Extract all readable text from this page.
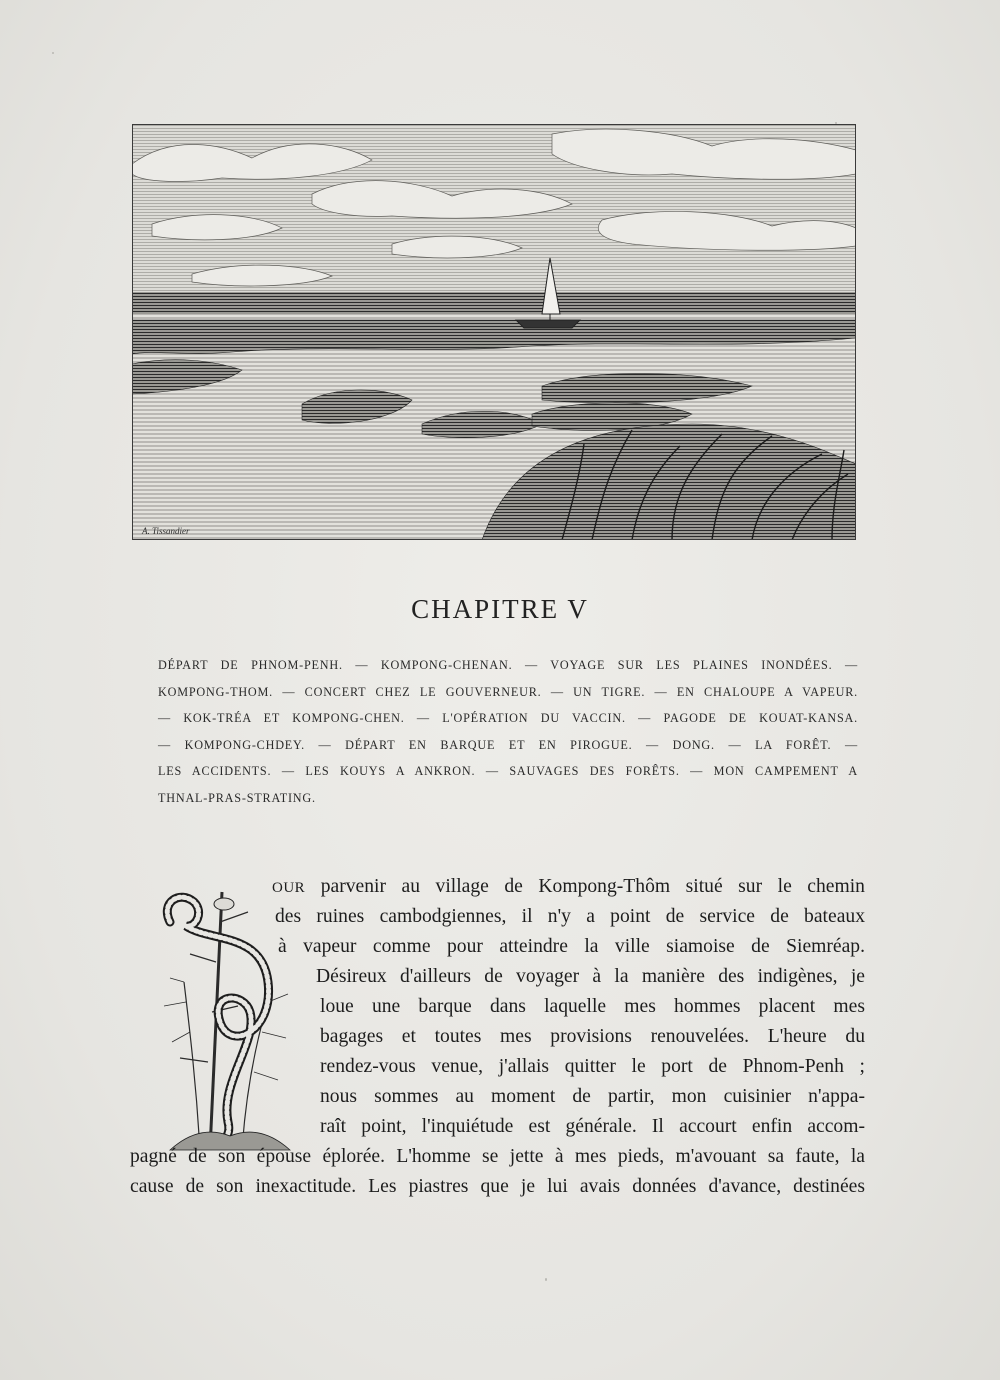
A. Tissandier
CHAPITRE V
DÉPART DE PHNOM-PENH. — KOMPONG-CHENAN. — VOYAGE SUR LES PLAINES INONDÉES. —
KOMPONG-THOM. — CONCERT CHEZ LE GOUVERNEUR. — UN TIGRE. — EN CHALOUPE A VAPEUR.
— KOK-TRÉA ET KOMPONG-CHEN. — L'OPÉRATION DU VACCIN. — PAGODE DE KOUAT-KANSA.
— KOMPONG-CHDEY. — DÉPART EN BARQUE ET EN PIROGUE. — DONG. — LA FORÊT. —
LES ACCIDENTS. — LES KOUYS A ANKRON. — SAUVAGES DES FORÊTS. — MON CAMPEMENT A
THNAL-PRAS-STRATING.
OUR parvenir au village de Kompong-Thôm situé sur le chemin
des ruines cambodgiennes, il n'y a point de service de bateaux
à vapeur comme pour atteindre la ville siamoise de Siemréap.
Désireux d'ailleurs de voyager à la manière des indigènes, je
loue une barque dans laquelle mes hommes placent mes
bagages et toutes mes provisions renouvelées. L'heure du
rendez-vous venue, j'allais quitter le port de Phnom-Penh ;
nous sommes au moment de partir, mon cuisinier n'appa-
raît point, l'inquiétude est générale. Il accourt enfin accom-
pagné de son épouse éplorée. L'homme se jette à mes pieds, m'avouant sa faute, la
cause de son inexactitude. Les piastres que je lui avais données d'avance, destinées
